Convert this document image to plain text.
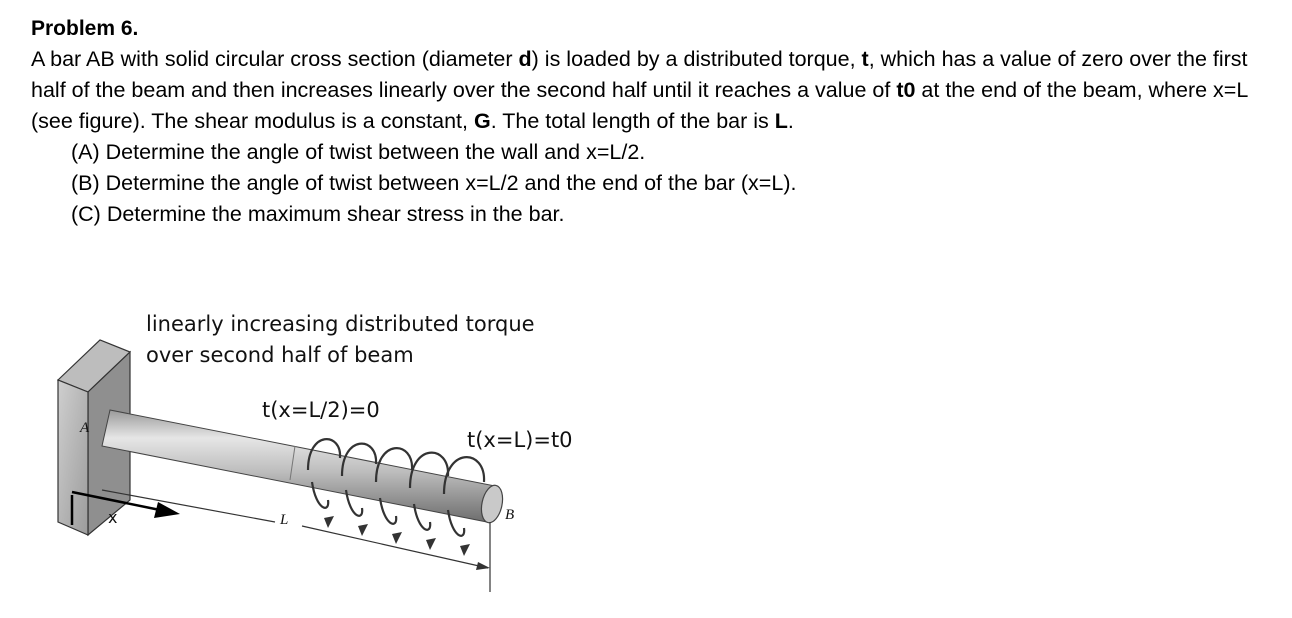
Problem 6.

A bar AB with solid circular cross section (diameter d) is loaded by a distributed torque, t, which has a value of zero over the first half of the beam and then increases linearly over the second half until it reaches a value of t0 at the end of the beam, where x=L (see figure). The shear modulus is a constant, G. The total length of the bar is L.

(A) Determine the angle of twist between the wall and x=L/2.
(B) Determine the angle of twist between x=L/2 and the end of the bar (x=L).
(C) Determine the maximum shear stress in the bar.
linearly increasing distributed torque
over second half of beam
t(x=L/2)=0
t(x=L)=t0
A
B
x	L
